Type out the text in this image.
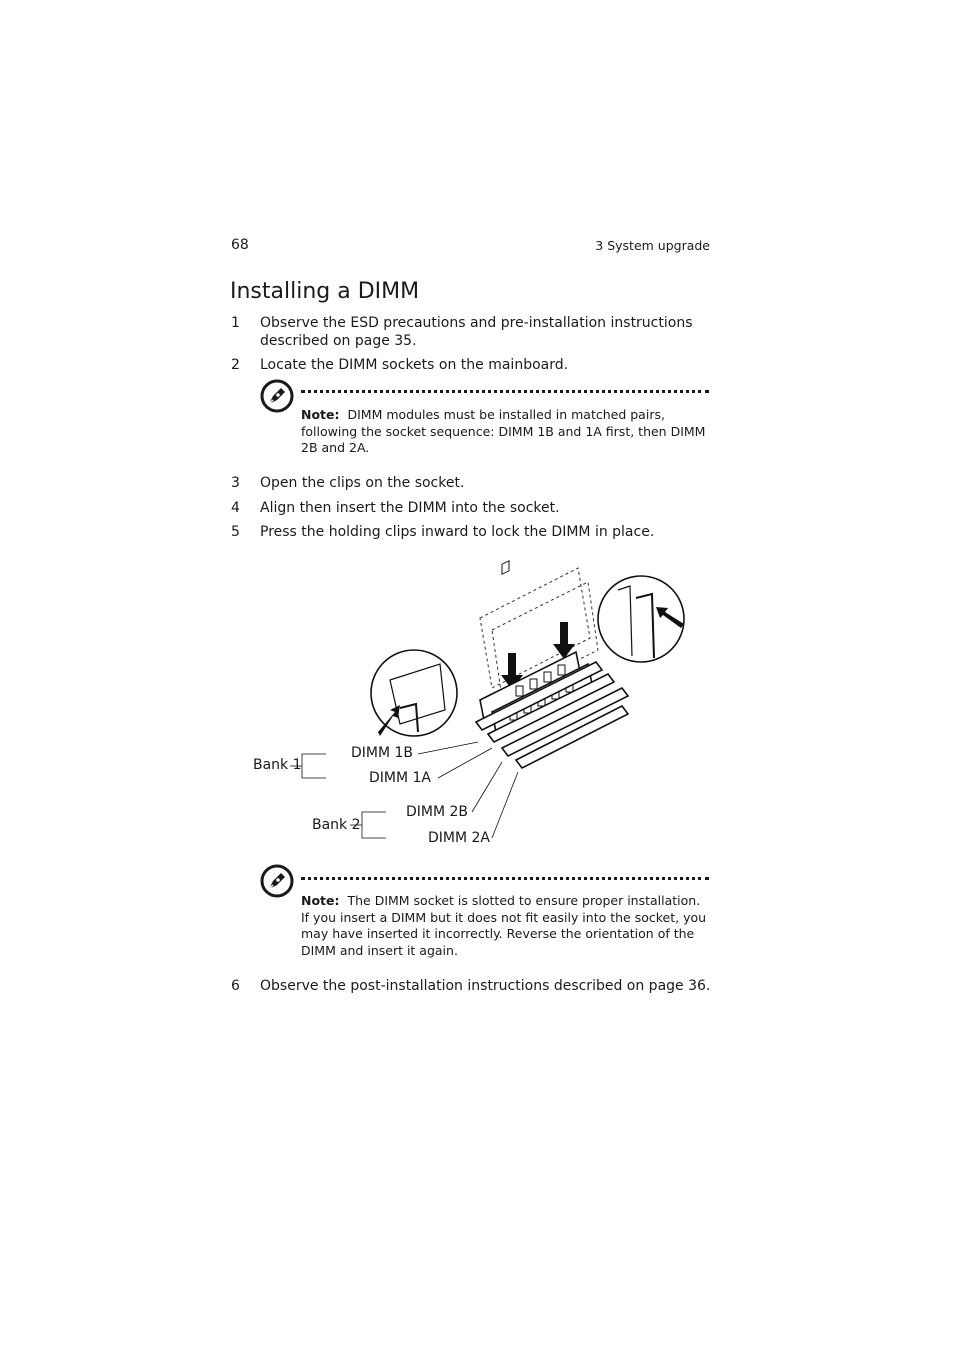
68	3 System upgrade
Installing a DIMM
1 Observe the ESD precautions and pre-installation instructions described on page 35.
2 Locate the DIMM sockets on the mainboard.
Note: DIMM modules must be installed in matched pairs, following the socket sequence: DIMM 1B and 1A first, then DIMM 2B and 2A.
3 Open the clips on the socket.
4 Align then insert the DIMM into the socket.
5 Press the holding clips inward to lock the DIMM in place.
DIMM 1B
DIMM 1A
Bank 1
DIMM 2B
DIMM 2A
Bank 2
Note: The DIMM socket is slotted to ensure proper installation. If you insert a DIMM but it does not fit easily into the socket, you may have inserted it incorrectly. Reverse the orientation of the DIMM and insert it again.
6 Observe the post-installation instructions described on page 36.
